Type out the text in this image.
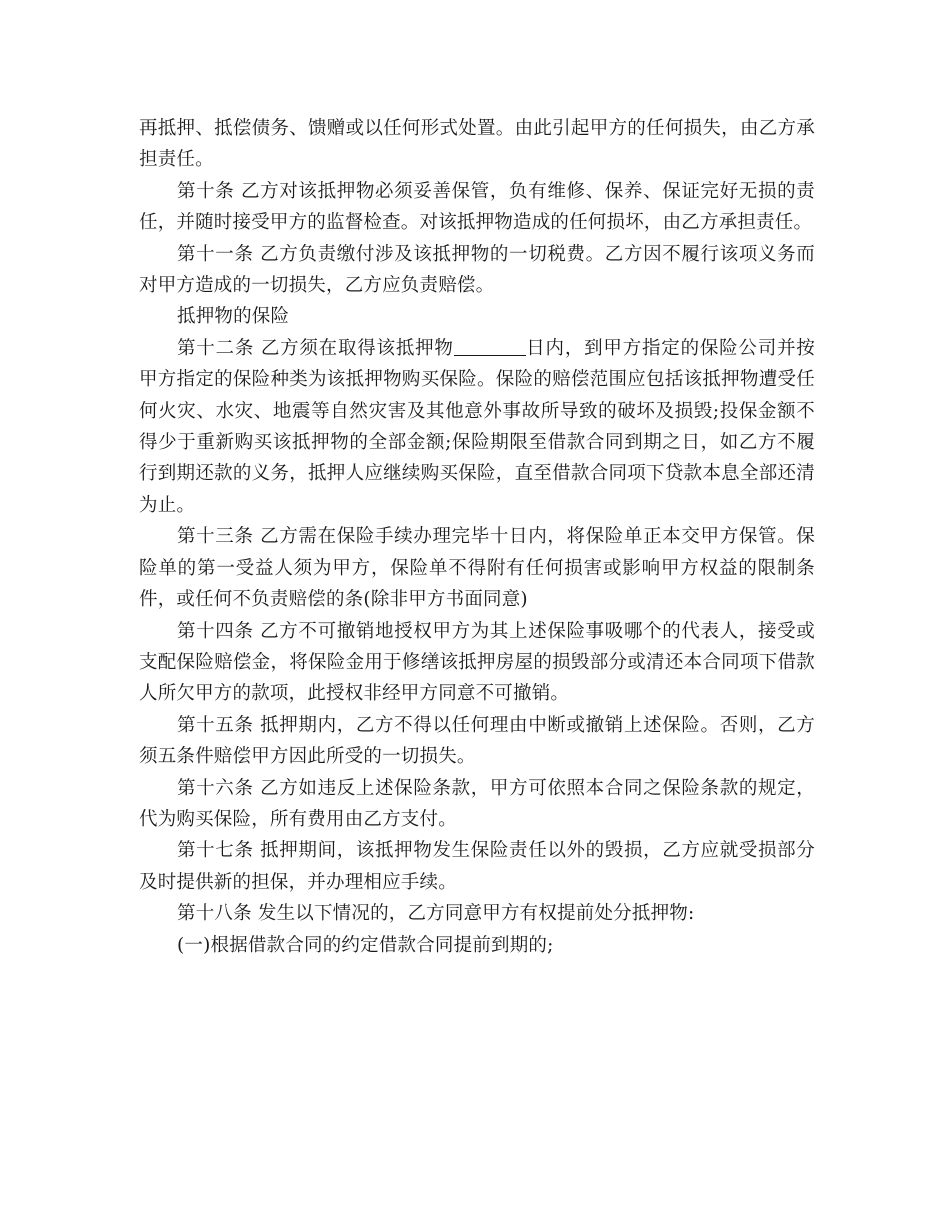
再抵押、抵偿债务、馈赠或以任何形式处置。由此引起甲方的任何损失，由乙方承担责任。

第十条 乙方对该抵押物必须妥善保管，负有维修、保养、保证完好无损的责任，并随时接受甲方的监督检查。对该抵押物造成的任何损坏，由乙方承担责任。

第十一条 乙方负责缴付涉及该抵押物的一切税费。乙方因不履行该项义务而对甲方造成的一切损失，乙方应负责赔偿。

抵押物的保险

第十二条 乙方须在取得该抵押物	日内，到甲方指定的保险公司并按甲方指定的保险种类为该抵押物购买保险。保险的赔偿范围应包括该抵押物遭受任何火灾、水灾、地震等自然灾害及其他意外事故所导致的破坏及损毁;投保金额不得少于重新购买该抵押物的全部金额;保险期限至借款合同到期之日，如乙方不履行到期还款的义务，抵押人应继续购买保险，直至借款合同项下贷款本息全部还清为止。

第十三条 乙方需在保险手续办理完毕十日内，将保险单正本交甲方保管。保险单的第一受益人须为甲方，保险单不得附有任何损害或影响甲方权益的限制条件，或任何不负责赔偿的条(除非甲方书面同意)

第十四条 乙方不可撤销地授权甲方为其上述保险事吸哪个的代表人，接受或支配保险赔偿金，将保险金用于修缮该抵押房屋的损毁部分或清还本合同项下借款人所欠甲方的款项，此授权非经甲方同意不可撤销。

第十五条 抵押期内，乙方不得以任何理由中断或撤销上述保险。否则，乙方须五条件赔偿甲方因此所受的一切损失。

第十六条 乙方如违反上述保险条款，甲方可依照本合同之保险条款的规定，代为购买保险，所有费用由乙方支付。

第十七条 抵押期间，该抵押物发生保险责任以外的毁损，乙方应就受损部分及时提供新的担保，并办理相应手续。

第十八条 发生以下情况的，乙方同意甲方有权提前处分抵押物:

(一)根据借款合同的约定借款合同提前到期的;
